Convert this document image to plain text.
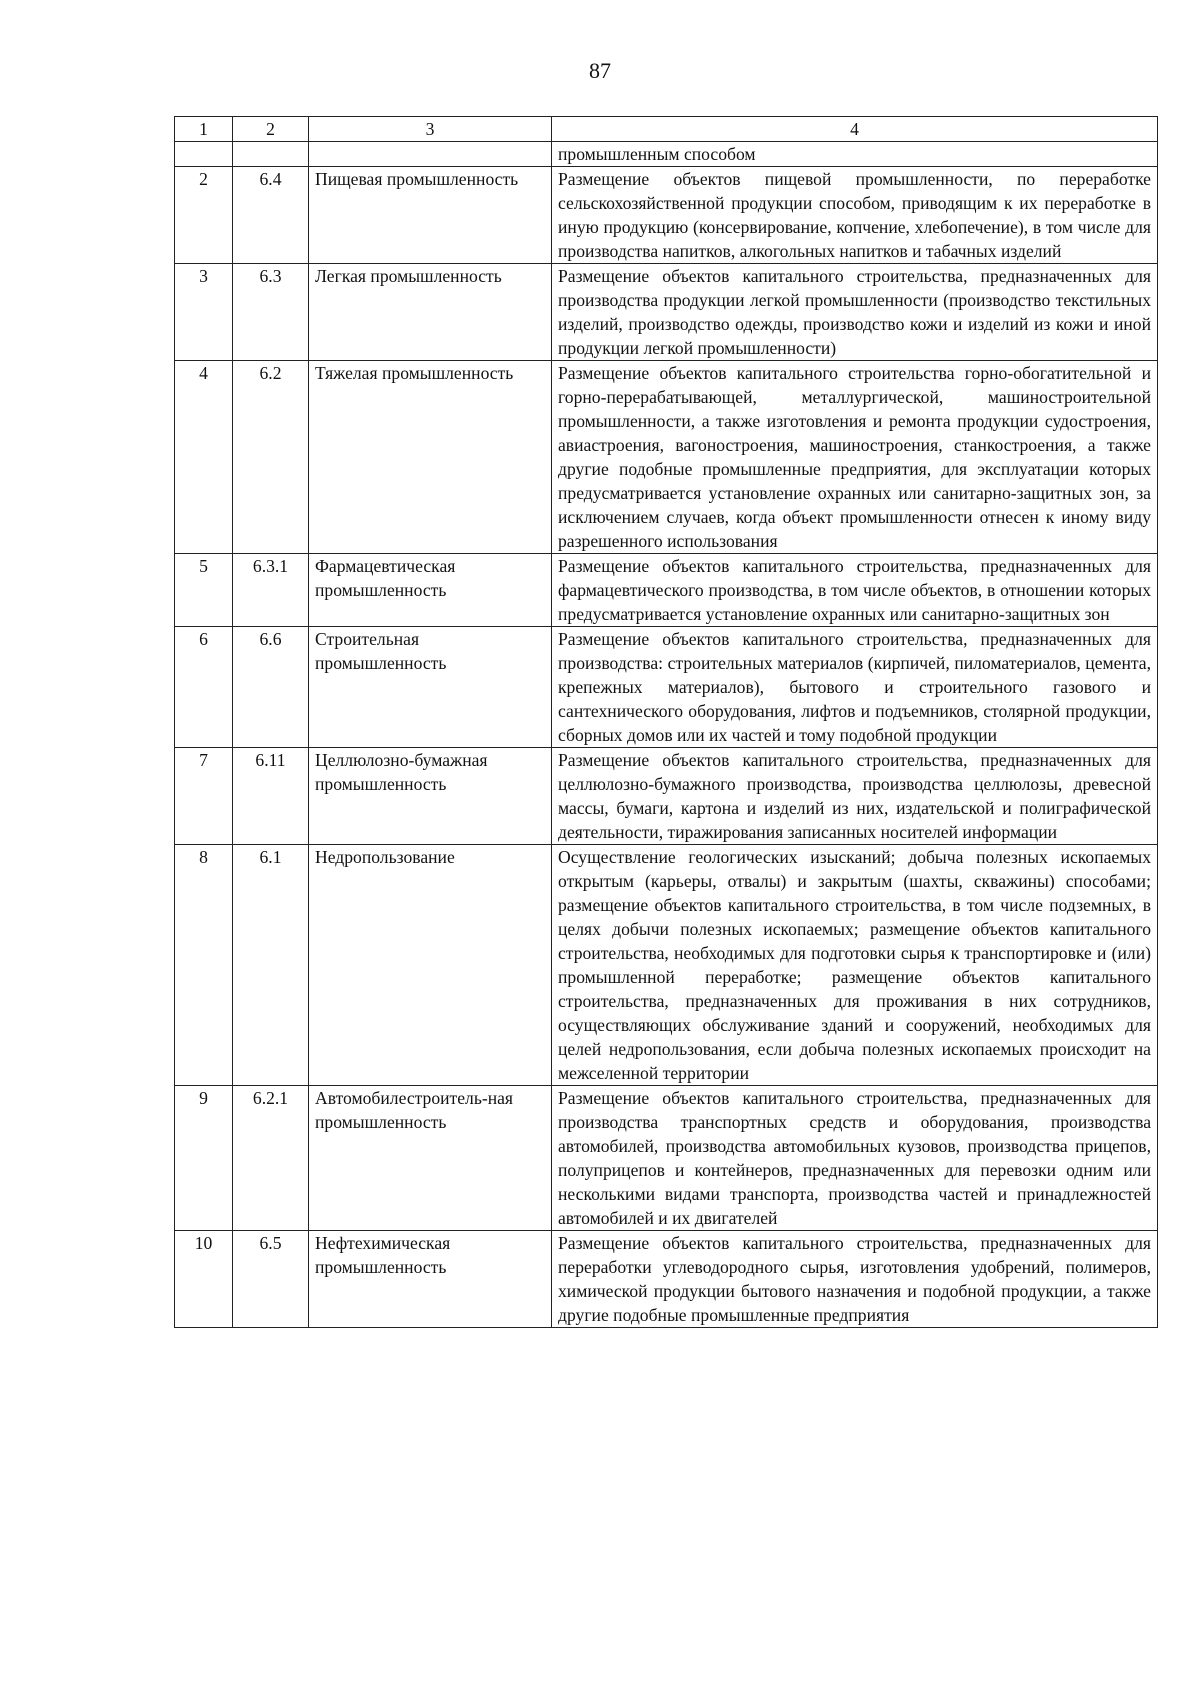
87
1	2	3	4
			промышленным способом
2	6.4	Пищевая промышленность	Размещение объектов пищевой промышленности, по переработке сельскохозяйственной продукции способом, приводящим к их переработке в иную продукцию (консервирование, копчение, хлебопечение), в том числе для производства напитков, алкогольных напитков и табачных изделий
3	6.3	Легкая промышленность	Размещение объектов капитального строительства, предназначенных для производства продукции легкой промышленности (производство текстильных изделий, производство одежды, производство кожи и изделий из кожи и иной продукции легкой промышленности)
4	6.2	Тяжелая промышленность	Размещение объектов капитального строительства горно-обогатительной и горно-перерабатывающей, металлургической, машиностроительной промышленности, а также изготовления и ремонта продукции судостроения, авиастроения, вагоностроения, машиностроения, станкостроения, а также другие подобные промышленные предприятия, для эксплуатации которых предусматривается установление охранных или санитарно-защитных зон, за исключением случаев, когда объект промышленности отнесен к иному виду разрешенного использования
5	6.3.1	Фармацевтическая промышленность	Размещение объектов капитального строительства, предназначенных для фармацевтического производства, в том числе объектов, в отношении которых предусматривается установление охранных или санитарно-защитных зон
6	6.6	Строительная промышленность	Размещение объектов капитального строительства, предназначенных для производства: строительных материалов (кирпичей, пиломатериалов, цемента, крепежных материалов), бытового и строительного газового и сантехнического оборудования, лифтов и подъемников, столярной продукции, сборных домов или их частей и тому подобной продукции
7	6.11	Целлюлозно-бумажная промышленность	Размещение объектов капитального строительства, предназначенных для целлюлозно-бумажного производства, производства целлюлозы, древесной массы, бумаги, картона и изделий из них, издательской и полиграфической деятельности, тиражирования записанных носителей информации
8	6.1	Недропользование	Осуществление геологических изысканий; добыча полезных ископаемых открытым (карьеры, отвалы) и закрытым (шахты, скважины) способами; размещение объектов капитального строительства, в том числе подземных, в целях добычи полезных ископаемых; размещение объектов капитального строительства, необходимых для подготовки сырья к транспортировке и (или) промышленной переработке; размещение объектов капитального строительства, предназначенных для проживания в них сотрудников, осуществляющих обслуживание зданий и сооружений, необходимых для целей недропользования, если добыча полезных ископаемых происходит на межселенной территории
9	6.2.1	Автомобилестроитель-ная промышленность	Размещение объектов капитального строительства, предназначенных для производства транспортных средств и оборудования, производства автомобилей, производства автомобильных кузовов, производства прицепов, полуприцепов и контейнеров, предназначенных для перевозки одним или несколькими видами транспорта, производства частей и принадлежностей автомобилей и их двигателей
10	6.5	Нефтехимическая промышленность	Размещение объектов капитального строительства, предназначенных для переработки углеводородного сырья, изготовления удобрений, полимеров, химической продукции бытового назначения и подобной продукции, а также другие подобные промышленные предприятия
